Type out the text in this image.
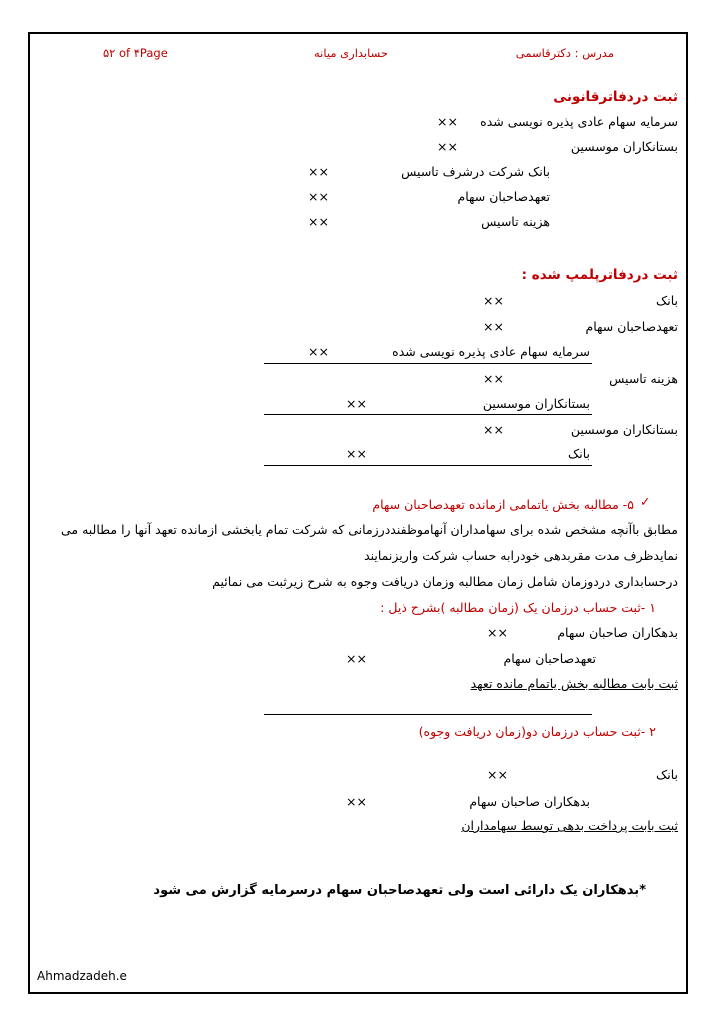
مدرس : دکترقاسمی
حسابداری میانه
۵۲ of ۴Page
ثبت دردفاترقانونی
سرمایه سهام عادی پذیره نویسی شده
××
بستانکاران موسسین
××
بانک شرکت درشرف تاسیس
××
تعهدصاحبان سهام
××
هزینه تاسیس
××
ثبت دردفاترپلمپ شده :
بانک
××
تعهدصاحبان سهام
××
سرمایه سهام عادی پذیره نویسی شده
××
هزینه تاسیس
××
بستانکاران موسسین
××
بستانکاران موسسین
××
بانک
××
✓
۵- مطالبه بخش یاتمامی ازمانده تعهدصاحبان سهام
مطابق باآنچه مشخص شده برای سهامداران آنهاموظفنددرزمانی که شرکت تمام یابخشی ازمانده تعهد آنها را مطالبه می
نمایدظرف مدت مقربدهی خودرابه حساب شرکت واریزنمایند
درحسابداری دردوزمان شامل زمان مطالبه وزمان دریافت وجوه به شرح زیرثبت می نمائیم
۱ -ثبت حساب درزمان یک (زمان مطالبه )بشرح ذیل :
بدهکاران صاحبان سهام
××
تعهدصاحبان سهام
××
ثبت بابت مطالبه بخش یاتمام مانده تعهد
۲ -ثبت حساب درزمان دو(زمان دریافت وجوه)
بانک
××
بدهکاران صاحبان سهام
××
ثبت بابت پرداخت بدهی توسط سهامداران
*بدهکاران یک دارائی است ولی تعهدصاحبان سهام درسرمایه گزارش می شود
Ahmadzadeh.e
